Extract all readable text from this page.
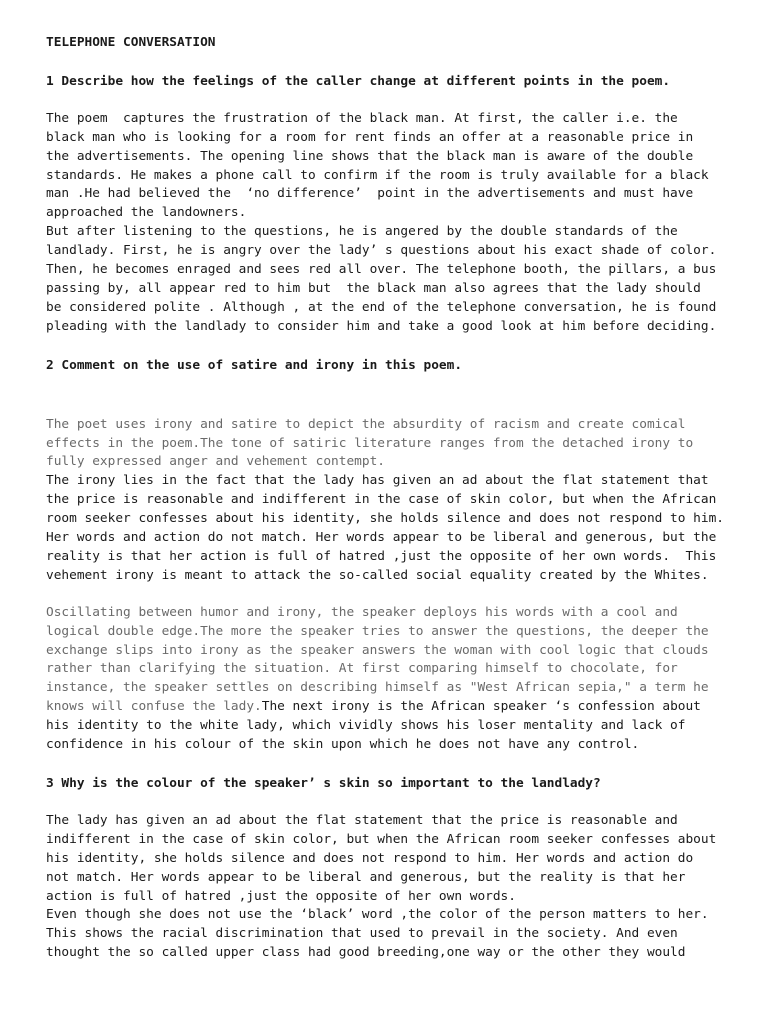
TELEPHONE CONVERSATION
1 Describe how the feelings of the caller change at different points in the poem.
The poem  captures the frustration of the black man. At first, the caller i.e. the
black man who is looking for a room for rent finds an offer at a reasonable price in
the advertisements. The opening line shows that the black man is aware of the double
standards. He makes a phone call to confirm if the room is truly available for a black
man .He had believed the  ‘no difference’  point in the advertisements and must have
approached the landowners.
But after listening to the questions, he is angered by the double standards of the
landlady. First, he is angry over the lady’ s questions about his exact shade of color.
Then, he becomes enraged and sees red all over. The telephone booth, the pillars, a bus
passing by, all appear red to him but  the black man also agrees that the lady should
be considered polite . Although , at the end of the telephone conversation, he is found
pleading with the landlady to consider him and take a good look at him before deciding.
2 Comment on the use of satire and irony in this poem.
The poet uses irony and satire to depict the absurdity of racism and create comical
effects in the poem.The tone of satiric literature ranges from the detached irony to
fully expressed anger and vehement contempt.
The irony lies in the fact that the lady has given an ad about the flat statement that
the price is reasonable and indifferent in the case of skin color, but when the African
room seeker confesses about his identity, she holds silence and does not respond to him.
Her words and action do not match. Her words appear to be liberal and generous, but the
reality is that her action is full of hatred ,just the opposite of her own words.  This
vehement irony is meant to attack the so-called social equality created by the Whites.
Oscillating between humor and irony, the speaker deploys his words with a cool and
logical double edge.The more the speaker tries to answer the questions, the deeper the
exchange slips into irony as the speaker answers the woman with cool logic that clouds
rather than clarifying the situation. At first comparing himself to chocolate, for
instance, the speaker settles on describing himself as "West African sepia," a term he
knows will confuse the lady.The next irony is the African speaker ‘s confession about
his identity to the white lady, which vividly shows his loser mentality and lack of
confidence in his colour of the skin upon which he does not have any control.
3 Why is the colour of the speaker’ s skin so important to the landlady?
The lady has given an ad about the flat statement that the price is reasonable and
indifferent in the case of skin color, but when the African room seeker confesses about
his identity, she holds silence and does not respond to him. Her words and action do
not match. Her words appear to be liberal and generous, but the reality is that her
action is full of hatred ,just the opposite of her own words.
Even though she does not use the ‘black’ word ,the color of the person matters to her.
This shows the racial discrimination that used to prevail in the society. And even
thought the so called upper class had good breeding,one way or the other they would
